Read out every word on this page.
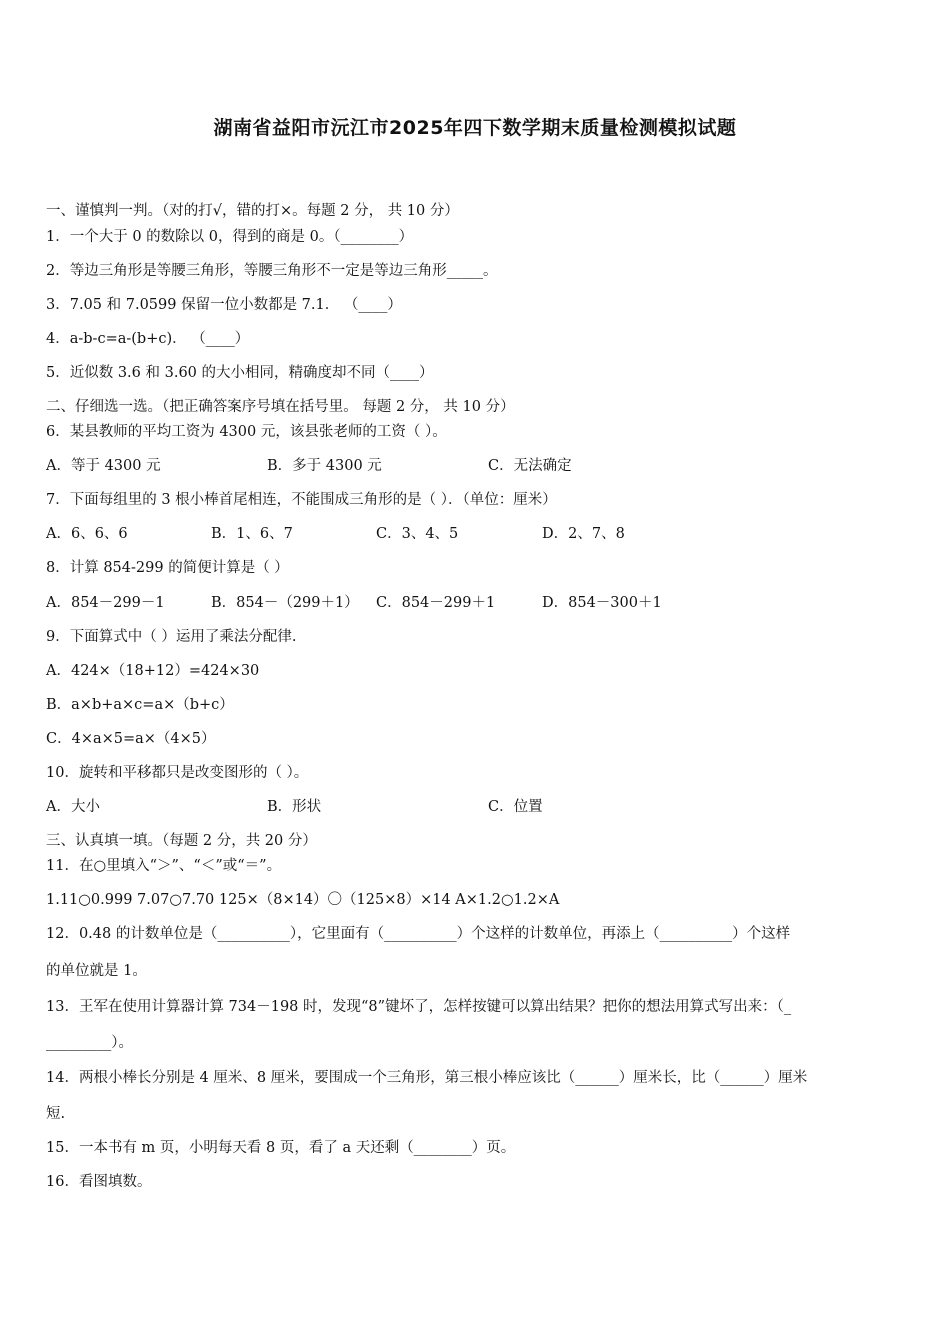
湖南省益阳市沅江市2025年四下数学期末质量检测模拟试题
一、谨慎判一判。（对的打√，错的打×。每题 2 分， 共 10 分）
1．一个大于 0 的数除以 0，得到的商是 0。（________）
2．等边三角形是等腰三角形，等腰三角形不一定是等边三角形_____。
3．7.05 和 7.0599 保留一位小数都是 7.1． （____）
4．a-b-c=a-(b+c)． （____）
5．近似数 3.6 和 3.60 的大小相同，精确度却不同（____）
二、仔细选一选。（把正确答案序号填在括号里。 每题 2 分， 共 10 分）
6．某县教师的平均工资为 4300 元，该县张老师的工资（ ）。
A．等于 4300 元	B．多于 4300 元	C．无法确定
7．下面每组里的 3 根小棒首尾相连，不能围成三角形的是（ ）．（单位：厘米）
A．6、6、6	B．1、6、7	C．3、4、5	D．2、7、8
8．计算 854-299 的简便计算是（ ）
A．854－299－1	B．854－（299＋1） C．854－299＋1	D．854－300＋1
9．下面算式中（ ）运用了乘法分配律.
A．424×（18+12）=424×30
B．a×b+a×c=a×（b+c）
C．4×a×5=a×（4×5）
10．旋转和平移都只是改变图形的（ ）。
A．大小	B．形状	C．位置
三、认真填一填。（每题 2 分，共 20 分）
11．在○里填入“＞”、“＜”或“＝”。
1.11○0.999 7.07○7.70 125×（8×14）〇（125×8）×14 A×1.2○1.2×A
12．0.48 的计数单位是（__________），它里面有（__________）个这样的计数单位，再添上（__________）个这样
的单位就是 1。
13．王军在使用计算器计算 734－198 时，发现“8”键坏了，怎样按键可以算出结果？把你的想法用算式写出来：（_
_________）。
14．两根小棒长分别是 4 厘米、8 厘米，要围成一个三角形，第三根小棒应该比（______）厘米长，比（______）厘米
短.
15．一本书有 m 页，小明每天看 8 页，看了 a 天还剩（________）页。
16．看图填数。
